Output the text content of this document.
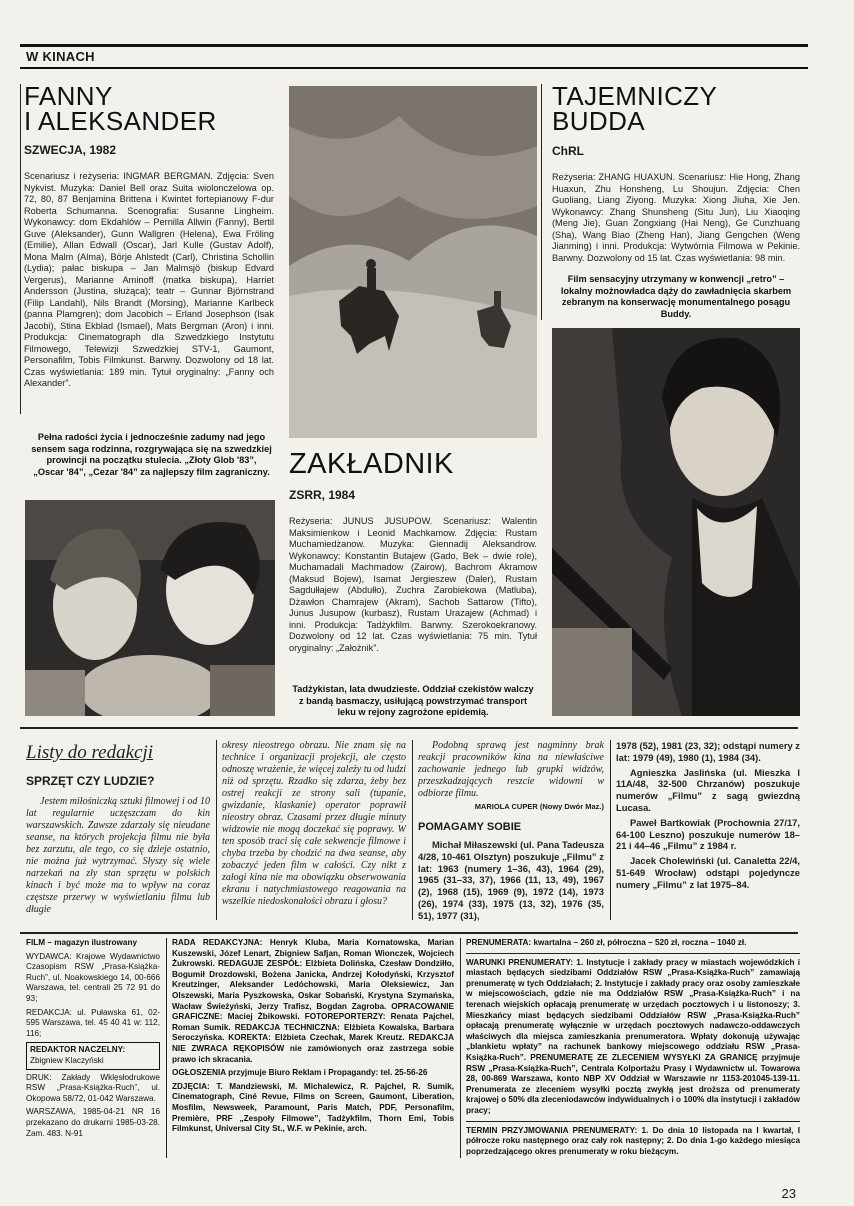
W KINACH
FANNY
I ALEKSANDER
SZWECJA, 1982
Scenariusz i reżyseria: INGMAR BERGMAN. Zdjęcia: Sven Nykvist. Muzyka: Daniel Bell oraz Suita wiolonczelowa op. 72, 80, 87 Benjamina Brittena i Kwintet fortepianowy F-dur Roberta Schumanna. Scenografia: Susanne Lingheim. Wykonawcy: dom Ekdahlów – Pernilla Allwin (Fanny), Bertil Guve (Aleksander), Gunn Wallgren (Helena), Ewa Fröling (Emilie), Allan Edwall (Oscar), Jarl Kulle (Gustav Adolf), Mona Malm (Alma), Börje Ahlstedt (Carl), Christina Schollin (Lydia); pałac biskupa – Jan Malmsjö (biskup Edvard Vergerus), Marianne Aminoff (matka biskupa), Harriet Andersson (Justina, służąca); teatr – Gunnar Björnstrand (Filip Landahl), Nils Brandt (Morsing), Marianne Karlbeck (panna Plamgren); dom Jacobich – Erland Josephson (Isak Jacobi), Stina Ekblad (Ismael), Mats Bergman (Aron) i inni. Produkcja: Cinematograph dla Szwedzkiego Instytutu Filmowego, Telewizji Szwedzkiej STV-1, Gaumont, Personafilm, Tobis Filmkunst. Barwny. Dozwolony od 18 lat. Czas wyświetlania: 189 min. Tytuł oryginalny: „Fanny och Alexander”.
Pełna radości życia i jednocześnie zadumy nad jego sensem saga rodzinna, rozgrywająca się na szwedzkiej prowincji na początku stulecia. „Złoty Glob '83”, „Oscar '84”, „Cezar '84” za najlepszy film zagraniczny. ZAKŁADNIK
ZSRR, 1984
Reżyseria: JUNUS JUSUPOW. Scenariusz: Walentin Maksimienkow i Leonid Machkamow. Zdjęcia: Rustam Muchamiedżanow. Muzyka: Giennadij Aleksandrow. Wykonawcy: Konstantin Butajew (Gado, Bek – dwie role), Muchamadali Machmadow (Zairow), Bachrom Akramow (Maksud Bojew), Isamat Jergieszew (Daler), Rustam Sagdułłajew (Abdułło), Zuchra Zarobiekowa (Matluba), Dżawłon Chamrajew (Akram), Sachob Sattarow (Tifto), Junus Jusupow (kurbasz), Rustam Urazajew (Achmad) i inni. Produkcja: Tadżykfilm. Barwny. Szerokoekranowy. Dozwolony od 12 lat. Czas wyświetlania: 75 min. Tytuł oryginalny: „Założnik”.
Tadżykistan, lata dwudzieste. Oddział czekistów walczy z bandą basmaczy, usiłującą powstrzymać transport leku w rejony zagrożone epidemią.
TAJEMNICZY
BUDDA
ChRL
Reżyseria: ZHANG HUAXUN. Scenariusz: Hie Hong, Zhang Huaxun, Zhu Honsheng, Lu Shoujun. Zdjęcia: Chen Guoliang, Liang Ziyong. Muzyka: Xiong Jiuha, Xie Jen. Wykonawcy: Zhang Shunsheng (Situ Jun), Liu Xiaoqing (Meng Jie), Guan Zongxiang (Hai Neng), Ge Cunzhuang (Sha), Wang Biao (Zheng Han), Jiang Gengchen (Weng Jianming) i inni. Produkcja: Wytwórnia Filmowa w Pekinie. Barwny. Dozwolony od 15 lat. Czas wyświetlania: 98 min.
Film sensacyjny utrzymany w konwencji „retro” – lokalny możnowładca dąży do zawładnięcia skarbem zebranym na konserwację monumentalnego posągu Buddy.
Listy do redakcji
SPRZĘT CZY LUDZIE?
Jestem miłośniczką sztuki filmowej i od 10 lat regularnie uczęszczam do kin warszawskich. Zawsze zdarzały się nieudane seanse, na których projekcja filmu nie była bez zarzutu, ale tego, co się dzieje ostatnio, nie można już wytrzymać. Słyszy się wiele narzekań na zły stan sprzętu w polskich kinach i być może ma to wpływ na coraz częstsze przerwy w wyświetlaniu filmu lub długie
okresy nieostrego obrazu. Nie znam się na technice i organizacji projekcji, ale często odnoszę wrażenie, że więcej zależy tu od ludzi niż od sprzętu. Rzadko się zdarza, żeby bez ostrej reakcji ze strony sali (tupanie, gwizdanie, klaskanie) operator poprawił nieostry obraz. Czasami przez długie minuty widzowie nie mogą doczekać się poprawy. W ten sposób traci się całe sekwencje filmowe i chyba trzeba by chodzić na dwa seanse, aby zobaczyć jeden film w całości. Czy nikt z załogi kina nie ma obowiązku obserwowania ekranu i natychmiastowego reagowania na wszelkie niedoskonałości obrazu i głosu?
Podobną sprawą jest nagminny brak reakcji pracowników kina na niewłaściwe zachowanie jednego lub grupki widzów, przeszkadzających reszcie widowni w odbiorze filmu.
MARIOLA CUPER (Nowy Dwór Maz.)
POMAGAMY SOBIE

Michał Miłaszewski (ul. Pana Tadeusza 4/28, 10-461 Olsztyn) poszukuje „Filmu” z lat: 1963 (numery 1–36, 43), 1964 (29), 1965 (31–33, 37), 1966 (11, 13, 49), 1967 (2), 1968 (15), 1969 (9), 1972 (14), 1973 (26), 1974 (33), 1975 (13, 32), 1976 (35, 51), 1977 (31),

1978 (52), 1981 (23, 32); odstąpi numery z lat: 1979 (49), 1980 (1), 1984 (34).

Agnieszka Jaslińska (ul. Mieszka I 11A/48, 32-500 Chrzanów) poszukuje numerów „Filmu” z sagą gwiezdną Lucasa.

Paweł Bartkowiak (Prochownia 27/17, 64-100 Leszno) poszukuje numerów 18–21 i 44–46 „Filmu” z 1984 r.

Jacek Cholewiński (ul. Canaletta 22/4, 51-649 Wrocław) odstąpi pojedyncze numery „Filmu” z lat 1975–84.

FILM – magazyn ilustrowany

WYDAWCA: Krajowe Wydawnictwo Czasopism RSW „Prasa-Książka-Ruch”, ul. Noakowskiego 14, 00-666 Warszawa, tel. centrali 25 72 91 do 93;

REDAKCJA: ul. Puławska 61, 02-595 Warszawa, tel. 45 40 41 w: 112, 116;

REDAKTOR NACZELNY:
Zbigniew Klaczyński

DRUK: Zakłady Wklęsłodrukowe RSW „Prasa-Książka-Ruch”, ul. Okopowa 58/72, 01-042 Warszawa.

WARSZAWA, 1985-04-21 NR 16 przekazano do drukarni 1985-03-28. Zam. 483. N-91

RADA REDAKCYJNA: Henryk Kluba, Maria Kornatowska, Marian Kuszewski, Józef Lenart, Zbigniew Safjan, Roman Wionczek, Wojciech Żukrowski. REDAGUJE ZESPÓŁ: Elżbieta Dolińska, Czesław Dondziłło, Bogumił Drozdowski, Bożena Janicka, Andrzej Kołodyński, Krzysztof Kreutzinger, Aleksander Ledóchowski, Maria Oleksiewicz, Jan Olszewski, Maria Pyszkowska, Oskar Sobański, Krystyna Szymańska, Wacław Świeżyński, Jerzy Trafisz, Bogdan Zagroba. OPRACOWANIE GRAFICZNE: Maciej Żbikowski. FOTOREPORTERZY: Renata Pajchel, Roman Sumik. REDAKCJA TECHNICZNA: Elżbieta Kowalska, Barbara Seroczyńska. KOREKTA: Elżbieta Czechak, Marek Kreutz. REDAKCJA NIE ZWRACA RĘKOPISÓW nie zamówionych oraz zastrzega sobie prawo ich skracania.

OGŁOSZENIA przyjmuje Biuro Reklam i Propagandy: tel. 25-56-26

ZDJĘCIA: T. Mandziewski, M. Michalewicz, R. Pajchel, R. Sumik, Cinematograph, Ciné Revue, Films on Screen, Gaumont, Liberation, Mosfilm, Newsweek, Paramount, Paris Match, PDF, Personafilm, Première, PRF „Zespoły Filmowe”, Tadżykfilm, Thorn Emi, Tobis Filmkunst, Universal City St., W.F. w Pekinie, arch.

PRENUMERATA: kwartalna – 260 zł, półroczna – 520 zł, roczna – 1040 zł.

WARUNKI PRENUMERATY: 1. Instytucje i zakłady pracy w miastach wojewódzkich i miastach będących siedzibami Oddziałów RSW „Prasa-Książka-Ruch” zamawiają prenumeratę w tych Oddziałach; 2. Instytucje i zakłady pracy oraz osoby zamieszkałe w miejscowościach, gdzie nie ma Oddziałów RSW „Prasa-Książka-Ruch” i na terenach wiejskich opłacają prenumeratę w urzędach pocztowych i u listonoszy; 3. Mieszkańcy miast będących siedzibami Oddziałów RSW „Prasa-Książka-Ruch” opłacają prenumeratę wyłącznie w urzędach pocztowych nadawczo-oddawczych właściwych dla miejsca zamieszkania prenumeratora. Wpłaty dokonują używając „blankietu wpłaty” na rachunek bankowy miejscowego oddziału RSW „Prasa-Książka-Ruch”. PRENUMERATĘ ZE ZLECENIEM WYSYŁKI ZA GRANICĘ przyjmuje RSW „Prasa-Książka-Ruch”, Centrala Kolportażu Prasy i Wydawnictw ul. Towarowa 28, 00-869 Warszawa, konto NBP XV Oddział w Warszawie nr 1153-201045-139-11. Prenumerata ze zleceniem wysyłki pocztą zwykłą jest droższa od prenumeraty krajowej o 50% dla zleceniodawców indywidualnych i o 100% dla instytucji i zakładów pracy;

TERMIN PRZYJMOWANIA PRENUMERATY: 1. Do dnia 10 listopada na I kwartał, I półrocze roku następnego oraz cały rok następny; 2. Do dnia 1-go każdego miesiąca poprzedzającego okres prenumeraty w roku bieżącym.

23
